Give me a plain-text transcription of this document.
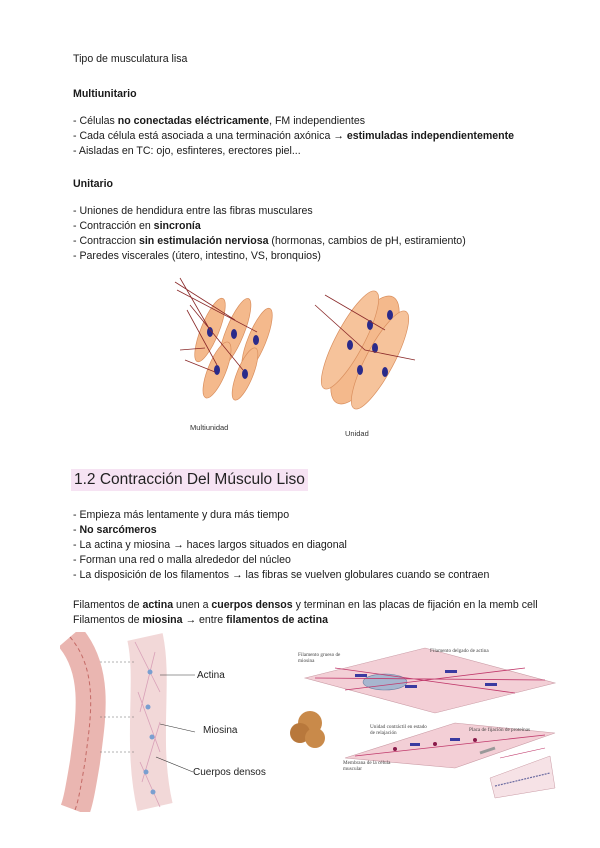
Tipo de musculatura lisa
Multiunitario
- Células no conectadas eléctricamente, FM independientes
- Cada célula está asociada a una terminación axónica → estimuladas independientemente
- Aisladas en TC: ojo, esfinteres, erectores piel...
Unitario
- Uniones de hendidura entre las fibras musculares
- Contracción en sincronía
- Contraccion sin estimulación nerviosa (hormonas, cambios de pH, estiramiento)
- Paredes viscerales (útero, intestino, VS, bronquios)
Multiunidad
Unidad
1.2 Contracción Del Músculo Liso
- Empieza más lentamente y dura más tiempo
- No sarcómeros
- La actina y miosina → haces largos situados en diagonal
- Forman una red o malla alrededor del núcleo
- La disposición de los filamentos → las fibras se vuelven globulares cuando se contraen
Filamentos de actina unen a cuerpos densos y terminan en las placas de fijación en la memb cell
Filamentos de miosina → entre filamentos de actina
Actina
Miosina
Cuerpos densos
Filamento grueso de miosina
Filamento delgado de actina
Unidad contráctil en estado de relajación	Placa de fijación de proteínas
Membrana de la célula muscular
